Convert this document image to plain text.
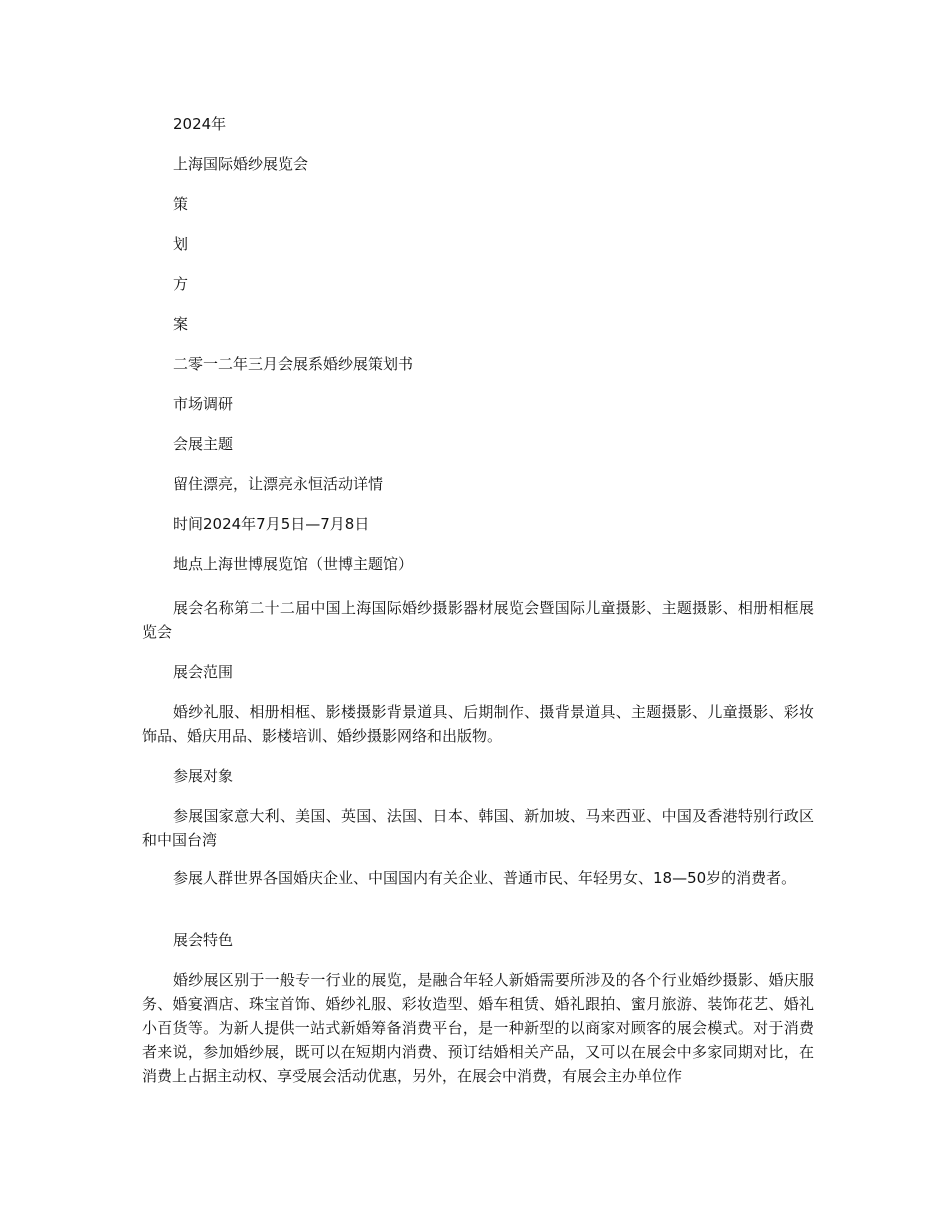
2024年

上海国际婚纱展览会

策

划

方

案

二零一二年三月会展系婚纱展策划书

市场调研

会展主题

留住漂亮，让漂亮永恒活动详情

时间2024年7月5日—7月8日

地点上海世博展览馆（世博主题馆）

展会名称第二十二届中国上海国际婚纱摄影器材展览会暨国际儿童摄影、主题摄影、相册相框展览会

展会范围

婚纱礼服、相册相框、影楼摄影背景道具、后期制作、摄背景道具、主题摄影、儿童摄影、彩妆饰品、婚庆用品、影楼培训、婚纱摄影网络和出版物。

参展对象

参展国家意大利、美国、英国、法国、日本、韩国、新加坡、马来西亚、中国及香港特别行政区和中国台湾

参展人群世界各国婚庆企业、中国国内有关企业、普通市民、年轻男女、18—50岁的消费者。

展会特色

婚纱展区别于一般专一行业的展览，是融合年轻人新婚需要所涉及的各个行业婚纱摄影、婚庆服务、婚宴酒店、珠宝首饰、婚纱礼服、彩妆造型、婚车租赁、婚礼跟拍、蜜月旅游、装饰花艺、婚礼小百货等。为新人提供一站式新婚筹备消费平台，是一种新型的以商家对顾客的展会模式。对于消费者来说，参加婚纱展，既可以在短期内消费、预订结婚相关产品，又可以在展会中多家同期对比，在消费上占据主动权、享受展会活动优惠，另外，在展会中消费，有展会主办单位作
